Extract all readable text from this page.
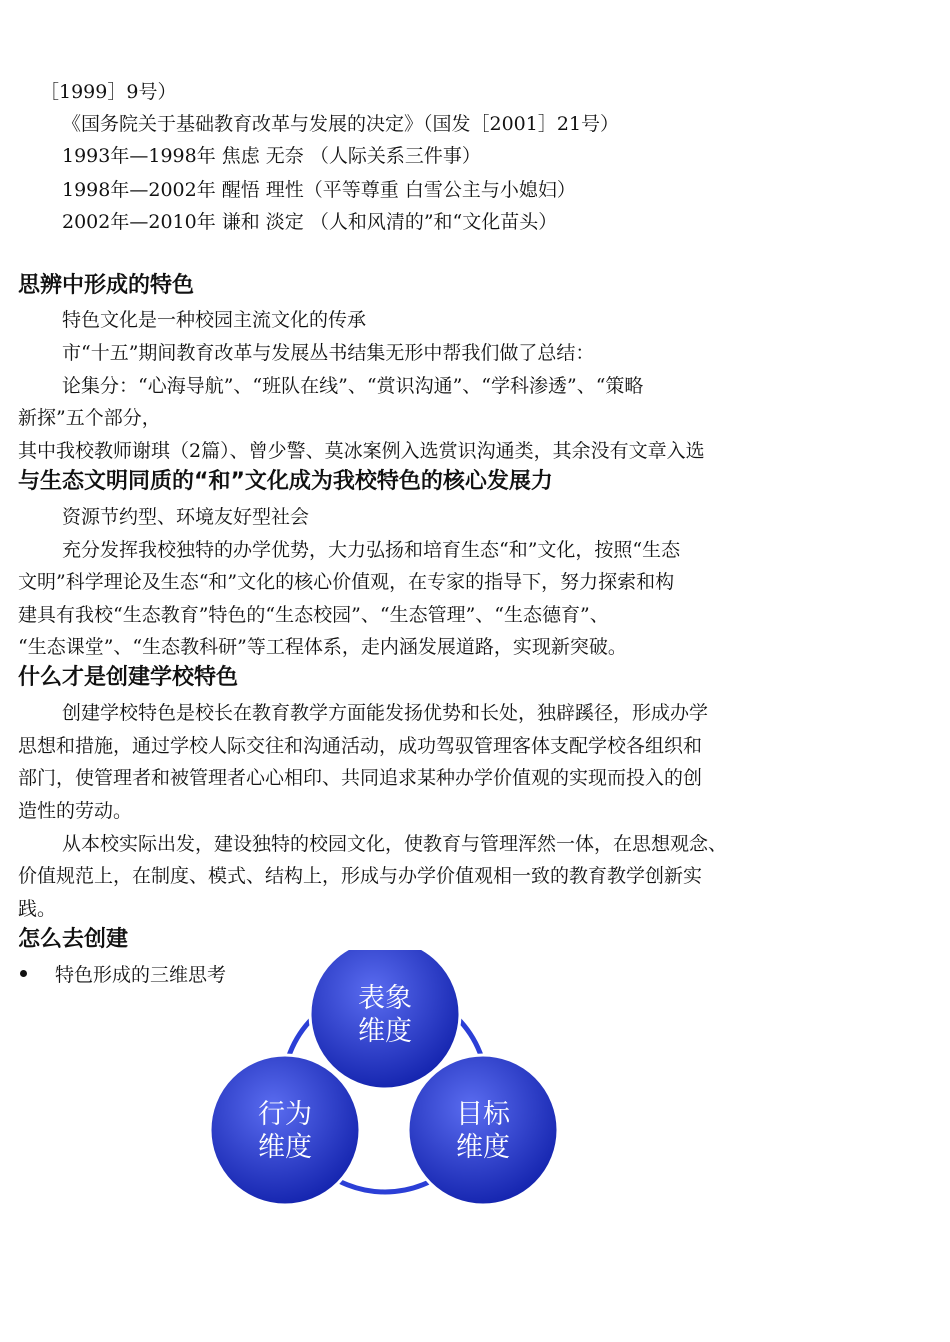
［1999］9号）
《国务院关于基础教育改革与发展的决定》（国发［2001］21号）
1993年—1998年 焦虑 无奈 （人际关系三件事）
1998年—2002年 醒悟 理性（平等尊重 白雪公主与小媳妇）
2002年—2010年 谦和 淡定 （人和风清的”和“文化苗头）
思辨中形成的特色
特色文化是一种校园主流文化的传承
市“十五”期间教育改革与发展丛书结集无形中帮我们做了总结：
论集分：“心海导航”、“班队在线”、“赏识沟通”、“学科渗透”、“策略
新探”五个部分，
其中我校教师谢琪（2篇）、曾少警、莫冰案例入选赏识沟通类，其余没有文章入选
与生态文明同质的“和”文化成为我校特色的核心发展力
资源节约型、环境友好型社会
充分发挥我校独特的办学优势，大力弘扬和培育生态“和”文化，按照“生态
文明”科学理论及生态“和”文化的核心价值观，在专家的指导下，努力探索和构
建具有我校“生态教育”特色的“生态校园”、“生态管理”、“生态德育”、
“生态课堂”、“生态教科研”等工程体系，走内涵发展道路，实现新突破。
什么才是创建学校特色
创建学校特色是校长在教育教学方面能发扬优势和长处，独辟蹊径，形成办学
思想和措施，通过学校人际交往和沟通活动，成功驾驭管理客体支配学校各组织和
部门，使管理者和被管理者心心相印、共同追求某种办学价值观的实现而投入的创
造性的劳动。
从本校实际出发，建设独特的校园文化，使教育与管理浑然一体，在思想观念、
价值规范上，在制度、模式、结构上，形成与办学价值观相一致的教育教学创新实
践。
怎么去创建
特色形成的三维思考
表象
维度
行为
维度
目标
维度
